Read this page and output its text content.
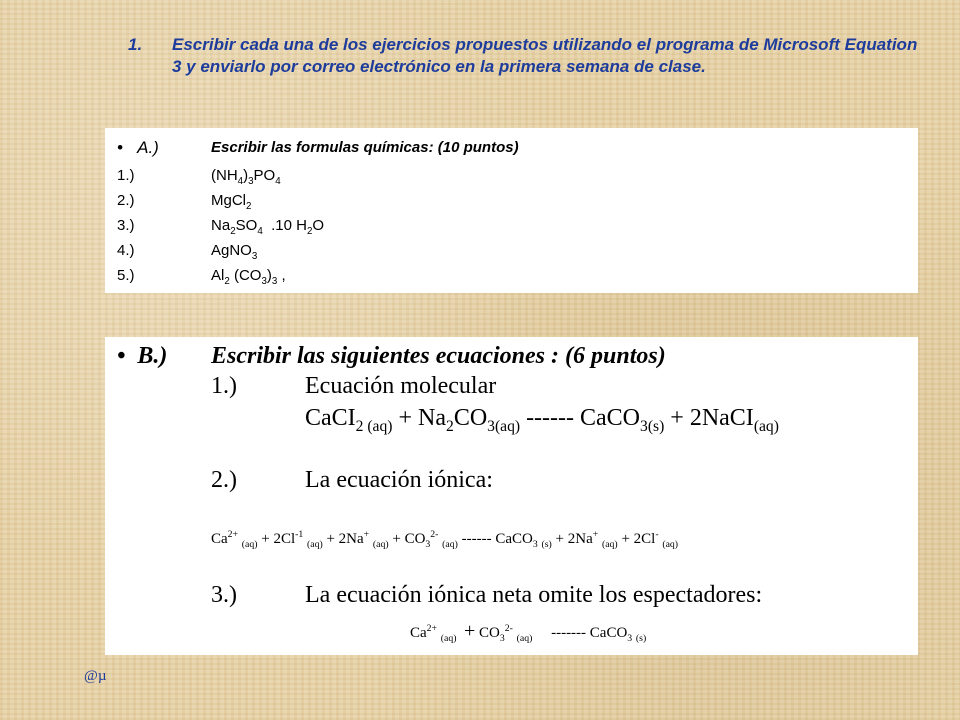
1. Escribir cada una de los ejercicios propuestos utilizando el programa de Microsoft Equation 3 y enviarlo por correo electrónico en la primera semana de clase.
• A.)	Escribir las formulas químicas: (10 puntos)
1.)	$(NH_4)_3PO_4$
2.)	MgCl$_2$
3.)	$Na_2SO_4$  .10 $H_2O$
4.)	AgNO$_3$
5.)	$Al_2$ $(CO_3)_3$ ,
• B.) Escribir las siguientes ecuaciones : (6 puntos)
1.)	Ecuación molecular
CaCI$_{2 (aq)}$ + $Na_2CO_{3(aq)}$ ------ CaCO$_{3(s)}$ + 2NaCI$_{(aq)}$
2.)	La ecuación iónica:
$Ca^{2+}$ $_{(aq)} + 2Cl^{-1}$ $_{(aq)}$ + 2Na+ $_{(aq)} + CO_3^{2-}$ $_{(aq)}$ ------ CaCO$_3$ $_{(s)}$ + 2Na+ $_{(aq)}$ + 2Cl- $_{(aq)}$
3.)	La ecuación iónica neta omite los espectadores:
$Ca^{2+}$ $_{(aq)} + CO_3^{2-}$ $_{(aq)}$     ------- CaCO$_3$ $_{(s)}$
@µ
